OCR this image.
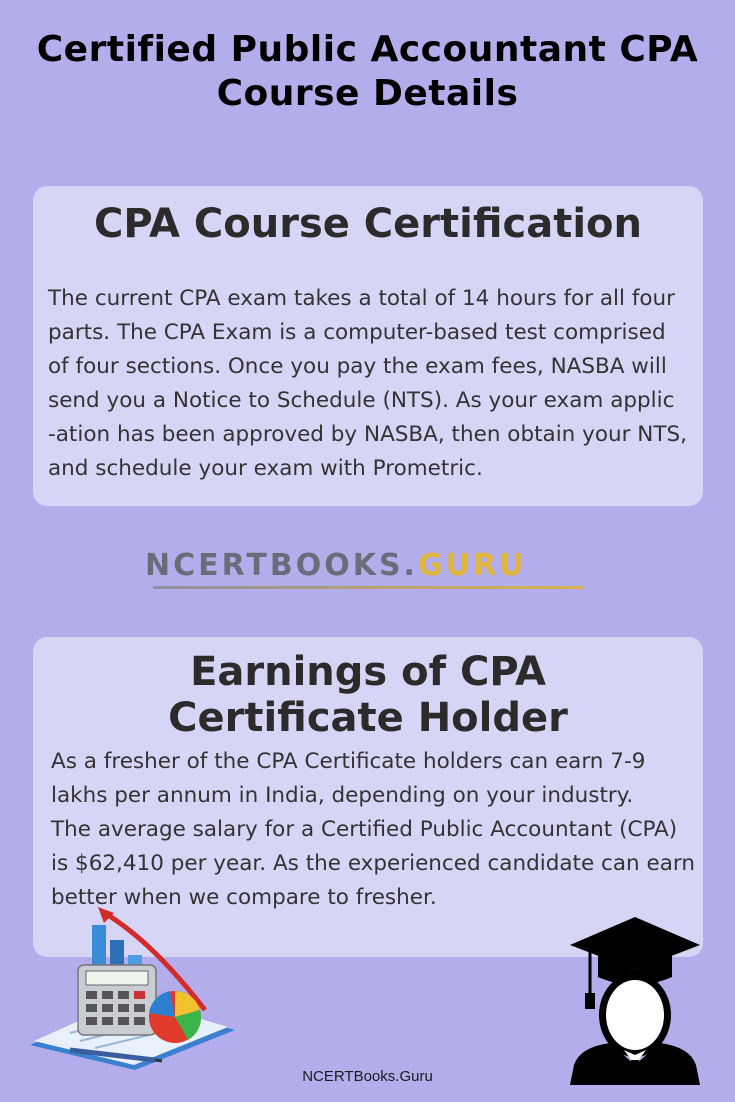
Certified Public Accountant CPA
Course Details
CPA Course Certification
The current CPA exam takes a total of 14 hours for all four
parts. The CPA Exam is a computer-based test comprised
of four sections. Once you pay the exam fees, NASBA will
send you a Notice to Schedule (NTS). As your exam applic
-ation has been approved by NASBA, then obtain your NTS,
and schedule your exam with Prometric.
NCERTBOOKS.GURU
Earnings of CPA
Certificate Holder
As a fresher of the CPA Certificate holders can earn 7-9
lakhs per annum in India, depending on your industry.
The average salary for a Certified Public Accountant (CPA)
is $62,410 per year. As the experienced candidate can earn
better when we compare to fresher.
NCERTBooks.Guru
